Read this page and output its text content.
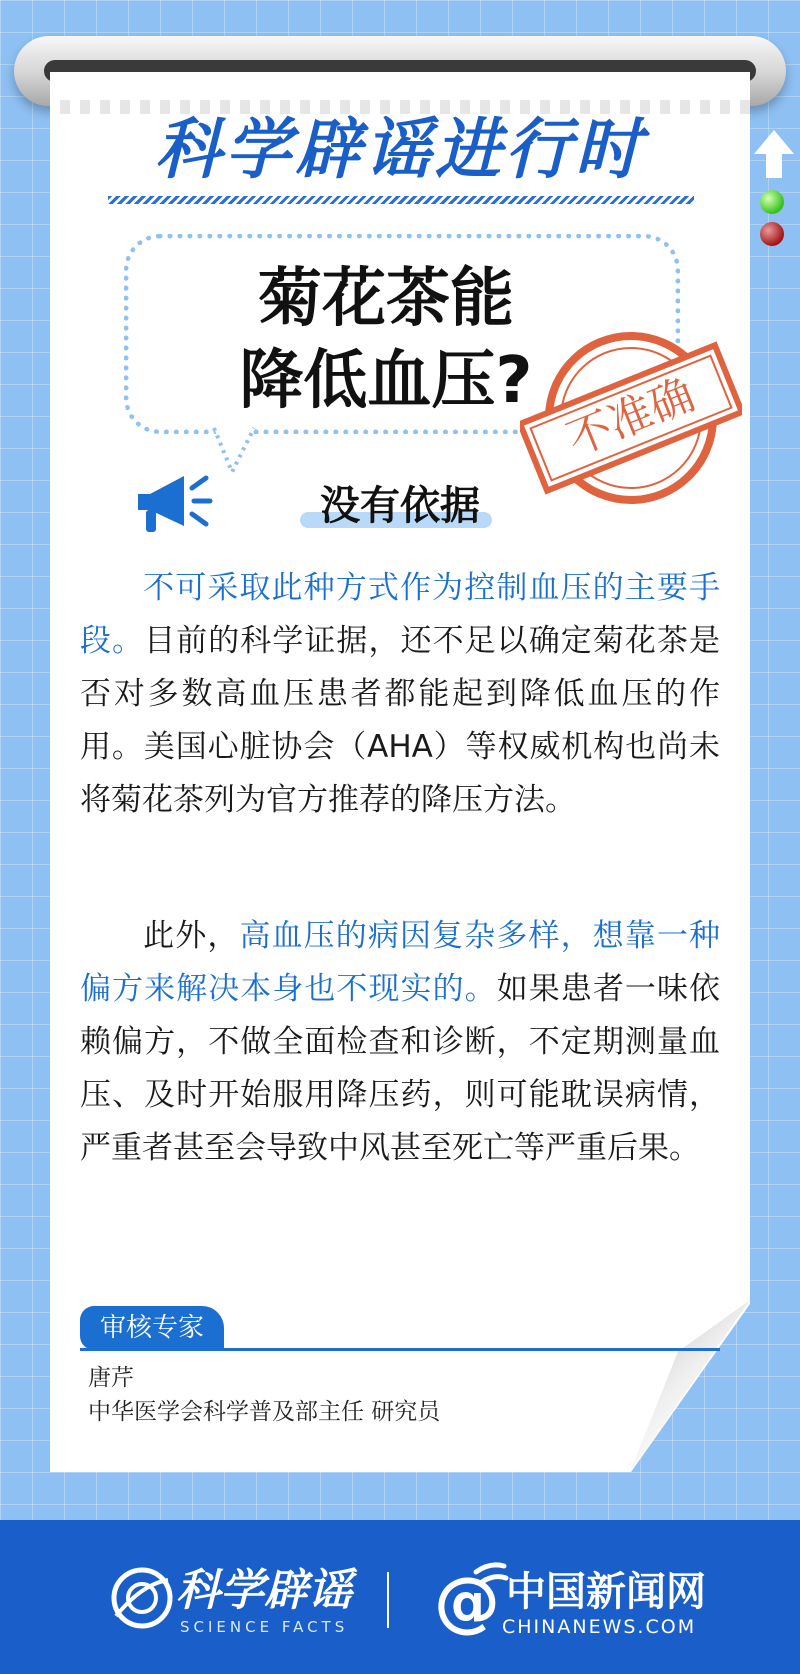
科学辟谣进行时
菊花茶能
降低血压? 不准确
没有依据

不可采取此种方式作为控制血压的主要手段。目前的科学证据，还不足以确定菊花茶是否对多数高血压患者都能起到降低血压的作用。美国心脏协会（AHA）等权威机构也尚未将菊花茶列为官方推荐的降压方法。

此外，高血压的病因复杂多样，想靠一种偏方来解决本身也不现实的。如果患者一味依赖偏方，不做全面检查和诊断，不定期测量血压、及时开始服用降压药，则可能耽误病情，严重者甚至会导致中风甚至死亡等严重后果。

审核专家
唐芹
中华医学会科学普及部主任 研究员
科学辟谣
SCIENCE FACTS @ 中国新闻网
CHINANEWS.COM
